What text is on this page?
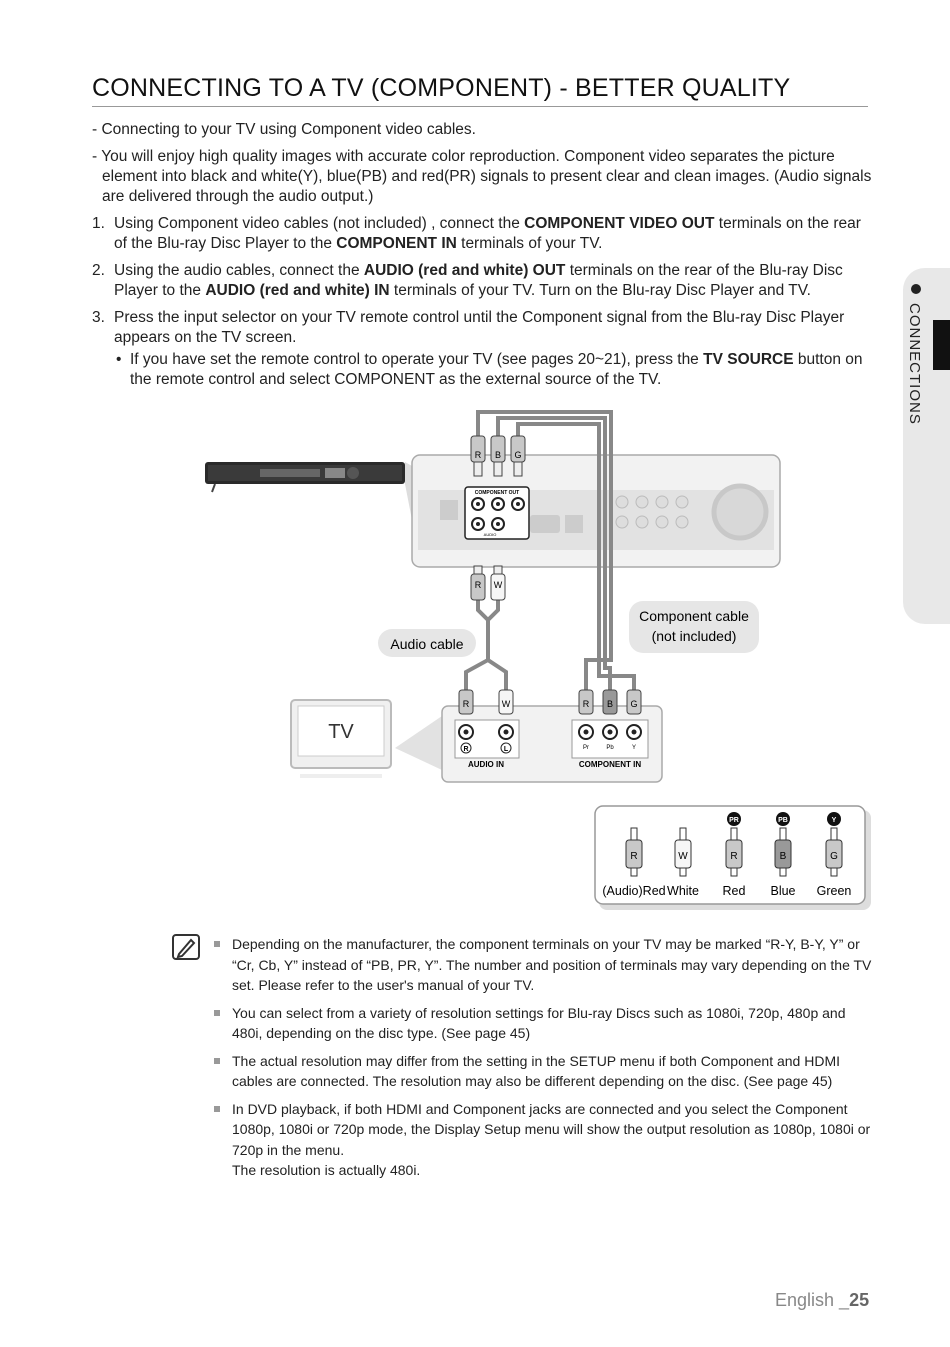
CONNECTING TO A TV (COMPONENT) - BETTER QUALITY

- Connecting to your TV using Component video cables.

- You will enjoy high quality images with accurate color reproduction. Component video separates the picture element into black and white(Y), blue(PB) and red(PR) signals to present clear and clean images. (Audio signals are delivered through the audio output.)

1. Using Component video cables (not included) , connect the COMPONENT VIDEO OUT terminals on the rear of the Blu-ray Disc Player to the COMPONENT IN terminals of your TV.
2. Using the audio cables, connect the AUDIO (red and white) OUT terminals on the rear of the Blu-ray Disc Player to the AUDIO (red and white) IN terminals of your TV. Turn on the Blu-ray Disc Player and TV.
3. Press the input selector on your TV remote control until the Component signal from the Blu-ray Disc Player appears on the TV screen.
• If you have set the remote control to operate your TV (see pages 20~21), press the TV SOURCE button on the remote control and select COMPONENT as the external source of the TV.	CONNECTIONS
COMPONENT OUT
AUDIO
R B G
R W
Audio cable
Component cable
(not included)
TV
R	L	Pr	Pb	Y
AUDIO IN	COMPONENT IN
R	W	R B G
R
(Audio)Red
W
White
PR
R
Red
PB
B
Blue
Y
G
Green
Depending on the manufacturer, the component terminals on your TV may be marked “R-Y, B-Y, Y” or “Cr, Cb, Y” instead of “PB, PR, Y”. The number and position of terminals may vary depending on the TV set. Please refer to the user's manual of your TV.
You can select from a variety of resolution settings for Blu-ray Discs such as 1080i, 720p, 480p and 480i, depending on the disc type. (See page 45)
The actual resolution may differ from the setting in the SETUP menu if both Component and HDMI cables are connected. The resolution may also be different depending on the disc. (See page 45)
In DVD playback, if both HDMI and Component jacks are connected and you select the Component 1080p, 1080i or 720p mode, the Display Setup menu will show the output resolution as 1080p, 1080i or 720p in the menu.
The resolution is actually 480i.
English _25
